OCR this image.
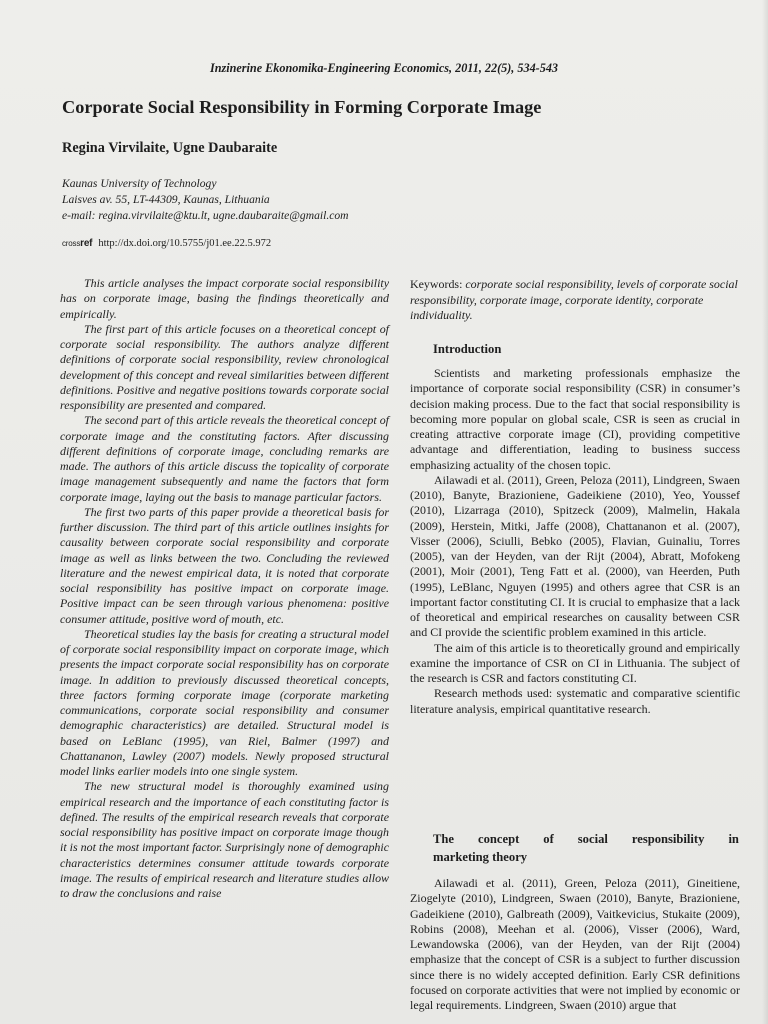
Inzinerine Ekonomika-Engineering Economics, 2011, 22(5), 534-543
Corporate Social Responsibility in Forming Corporate Image
Regina Virvilaite, Ugne Daubaraite
Kaunas University of Technology
Laisves av. 55, LT-44309, Kaunas, Lithuania
e-mail: regina.virvilaite@ktu.lt, ugne.daubaraite@gmail.com
crossref http://dx.doi.org/10.5755/j01.ee.22.5.972

This article analyses the impact corporate social responsibility has on corporate image, basing the findings theoretically and empirically.

The first part of this article focuses on a theoretical concept of corporate social responsibility. The authors analyze different definitions of corporate social responsibility, review chronological development of this concept and reveal similarities between different definitions. Positive and negative positions towards corporate social responsibility are presented and compared.

The second part of this article reveals the theoretical concept of corporate image and the constituting factors. After discussing different definitions of corporate image, concluding remarks are made. The authors of this article discuss the topicality of corporate image management subsequently and name the factors that form corporate image, laying out the basis to manage particular factors.

The first two parts of this paper provide a theoretical basis for further discussion. The third part of this article outlines insights for causality between corporate social responsibility and corporate image as well as links between the two. Concluding the reviewed literature and the newest empirical data, it is noted that corporate social responsibility has positive impact on corporate image. Positive impact can be seen through various phenomena: positive consumer attitude, positive word of mouth, etc.

Theoretical studies lay the basis for creating a structural model of corporate social responsibility impact on corporate image, which presents the impact corporate social responsibility has on corporate image. In addition to previously discussed theoretical concepts, three factors forming corporate image (corporate marketing communications, corporate social responsibility and consumer demographic characteristics) are detailed. Structural model is based on LeBlanc (1995), van Riel, Balmer (1997) and Chattananon, Lawley (2007) models. Newly proposed structural model links earlier models into one single system.

The new structural model is thoroughly examined using empirical research and the importance of each constituting factor is defined. The results of the empirical research reveals that corporate social responsibility has positive impact on corporate image though it is not the most important factor. Surprisingly none of demographic characteristics determines consumer attitude towards corporate image. The results of empirical research and literature studies allow to draw the conclusions and raise

Keywords: corporate social responsibility, levels of corporate social responsibility, corporate image, corporate identity, corporate individuality.
Introduction

Scientists and marketing professionals emphasize the importance of corporate social responsibility (CSR) in consumer’s decision making process. Due to the fact that social responsibility is becoming more popular on global scale, CSR is seen as crucial in creating attractive corporate image (CI), providing competitive advantage and differentiation, leading to business success emphasizing actuality of the chosen topic.

Ailawadi et al. (2011), Green, Peloza (2011), Lindgreen, Swaen (2010), Banyte, Brazioniene, Gadeikiene (2010), Yeo, Youssef (2010), Lizarraga (2010), Spitzeck (2009), Malmelin, Hakala (2009), Herstein, Mitki, Jaffe (2008), Chattananon et al. (2007), Visser (2006), Sciulli, Bebko (2005), Flavian, Guinaliu, Torres (2005), van der Heyden, van der Rijt (2004), Abratt, Mofokeng (2001), Moir (2001), Teng Fatt et al. (2000), van Heerden, Puth (1995), LeBlanc, Nguyen (1995) and others agree that CSR is an important factor constituting CI. It is crucial to emphasize that a lack of theoretical and empirical researches on causality between CSR and CI provide the scientific problem examined in this article.

The aim of this article is to theoretically ground and empirically examine the importance of CSR on CI in Lithuania. The subject of the research is CSR and factors constituting CI.

Research methods used: systematic and comparative scientific literature analysis, empirical quantitative research.

The concept of social responsibility in
marketing theory

Ailawadi et al. (2011), Green, Peloza (2011), Gineitiene, Ziogelyte (2010), Lindgreen, Swaen (2010), Banyte, Brazioniene, Gadeikiene (2010), Galbreath (2009), Vaitkevicius, Stukaite (2009), Robins (2008), Meehan et al. (2006), Visser (2006), Ward, Lewandowska (2006), van der Heyden, van der Rijt (2004) emphasize that the concept of CSR is a subject to further discussion since there is no widely accepted definition. Early CSR definitions focused on corporate activities that were not implied by economic or legal requirements. Lindgreen, Swaen (2010) argue that
